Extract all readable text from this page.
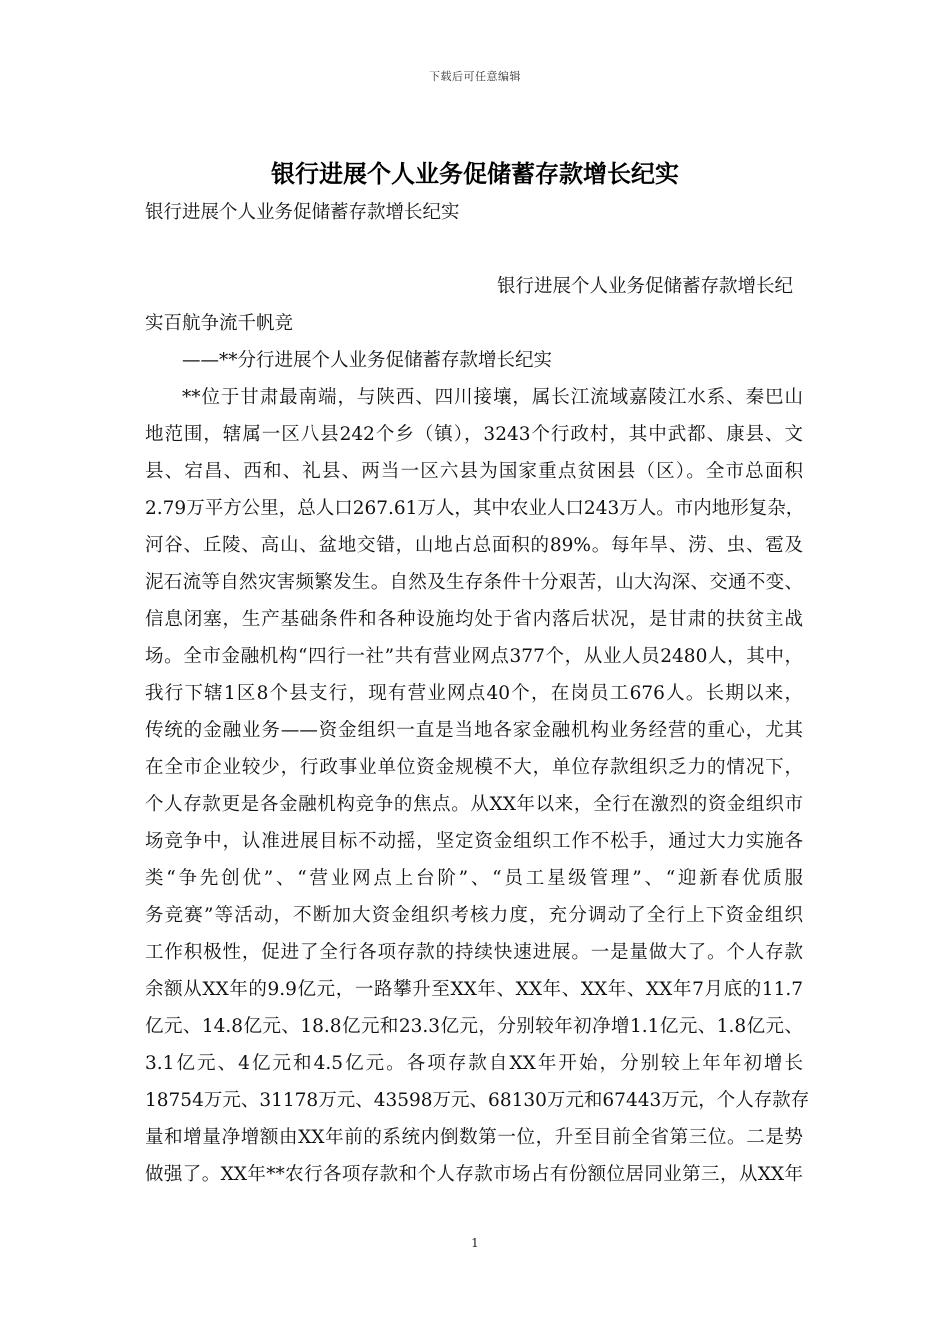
下载后可任意编辑
银行进展个人业务促储蓄存款增长纪实
银行进展个人业务促储蓄存款增长纪实
银行进展个人业务促储蓄存款增长纪
实百航争流千帆竞
——**分行进展个人业务促储蓄存款增长纪实
**位于甘肃最南端，与陕西、四川接壤，属长江流域嘉陵江水系、秦巴山
地范围，辖属一区八县242个乡（镇），3243个行政村，其中武都、康县、文
县、宕昌、西和、礼县、两当一区六县为国家重点贫困县（区）。全市总面积
2.79万平方公里，总人口267.61万人，其中农业人口243万人。市内地形复杂，
河谷、丘陵、高山、盆地交错，山地占总面积的89%。每年旱、涝、虫、雹及
泥石流等自然灾害频繁发生。自然及生存条件十分艰苦，山大沟深、交通不变、
信息闭塞，生产基础条件和各种设施均处于省内落后状况，是甘肃的扶贫主战
场。全市金融机构“四行一社”共有营业网点377个，从业人员2480人，其中，
我行下辖1区8个县支行，现有营业网点40个，在岗员工676人。长期以来，
传统的金融业务——资金组织一直是当地各家金融机构业务经营的重心，尤其
在全市企业较少，行政事业单位资金规模不大，单位存款组织乏力的情况下，
个人存款更是各金融机构竞争的焦点。从XX年以来，全行在激烈的资金组织市
场竞争中，认准进展目标不动摇，坚定资金组织工作不松手，通过大力实施各
类“争先创优”、“营业网点上台阶”、“员工星级管理”、“迎新春优质服
务竞赛”等活动，不断加大资金组织考核力度，充分调动了全行上下资金组织
工作积极性，促进了全行各项存款的持续快速进展。一是量做大了。个人存款
余额从XX年的9.9亿元，一路攀升至XX年、XX年、XX年、XX年7月底的11.7
亿元、14.8亿元、18.8亿元和23.3亿元，分别较年初净增1.1亿元、1.8亿元、
3.1亿元、4亿元和4.5亿元。各项存款自XX年开始，分别较上年年初增长
18754万元、31178万元、43598万元、68130万元和67443万元，个人存款存
量和增量净增额由XX年前的系统内倒数第一位，升至目前全省第三位。二是势
做强了。XX年**农行各项存款和个人存款市场占有份额位居同业第三，从XX年
1
